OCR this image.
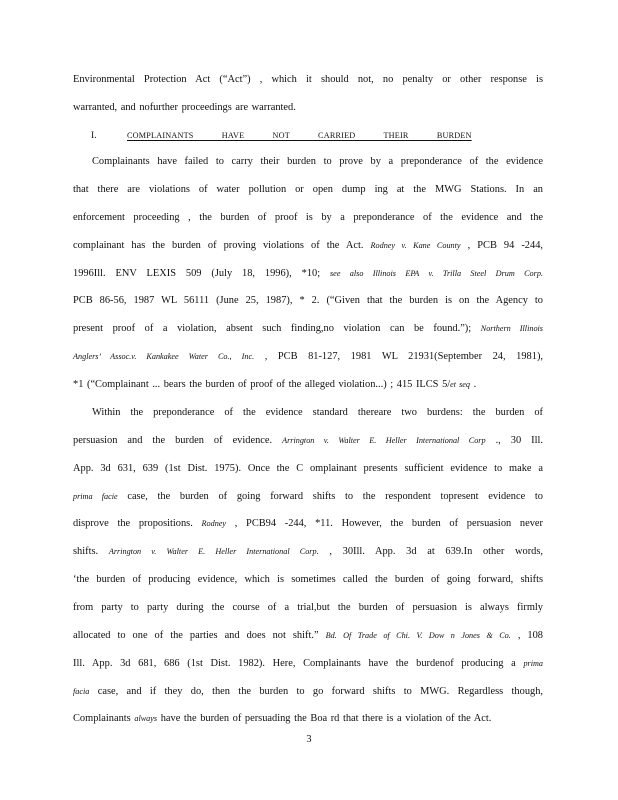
Environmental Protection Act (“Act”) , which it should not, no penalty or other response is
warranted, and nofurther proceedings are warranted.
I.	COMPLAINANTS HAVE NOT CARRIED THEIR BURDEN
Complainants have failed to carry their burden to prove by a preponderance of the evidence
that there are violations of water pollution or open dump ing at the MWG Stations. In an
enforcement proceeding , the burden of proof is by a preponderance of the evidence and the
complainant has the burden of proving violations of the Act. Rodney v. Kane County , PCB 94 -244,
1996Ill. ENV LEXIS 509 (July 18, 1996), *10; see also Illinois EPA v. Trilla Steel Drum Corp.
PCB 86-56, 1987 WL 56111 (June 25, 1987), * 2. (“Given that the burden is on the Agency to
present proof of a violation, absent such finding,no violation can be found.”); Northern Illinois
Anglers’ Assoc.v. Kankakee Water Co., Inc. , PCB 81-127, 1981 WL 21931(September 24, 1981),
*1 (“Complainant ... bears the burden of proof of the alleged violation...) ; 415 ILCS 5/et seq .
Within the preponderance of the evidence standard thereare two burdens: the burden of
persuasion and the burden of evidence. Arrington v. Walter E. Heller International Corp ., 30 Ill.
App. 3d 631, 639 (1st Dist. 1975). Once the C omplainant presents sufficient evidence to make a
prima facie case, the burden of going forward shifts to the respondent topresent evidence to
disprove the propositions. Rodney , PCB94 -244, *11. However, the burden of persuasion never
shifts. Arrington v. Walter E. Heller International Corp. , 30Ill. App. 3d at 639.In other words,
‘the burden of producing evidence, which is sometimes called the burden of going forward, shifts
from party to party during the course of a trial,but the burden of persuasion is always firmly
allocated to one of the parties and does not shift.” Bd. Of Trade of Chi. V. Dow n Jones & Co. , 108
Ill. App. 3d 681, 686 (1st Dist. 1982). Here, Complainants have the burdenof producing a prima
facia case, and if they do, then the burden to go forward shifts to MWG. Regardless though,
Complainants always have the burden of persuading the Boa rd that there is a violation of the Act.
3
